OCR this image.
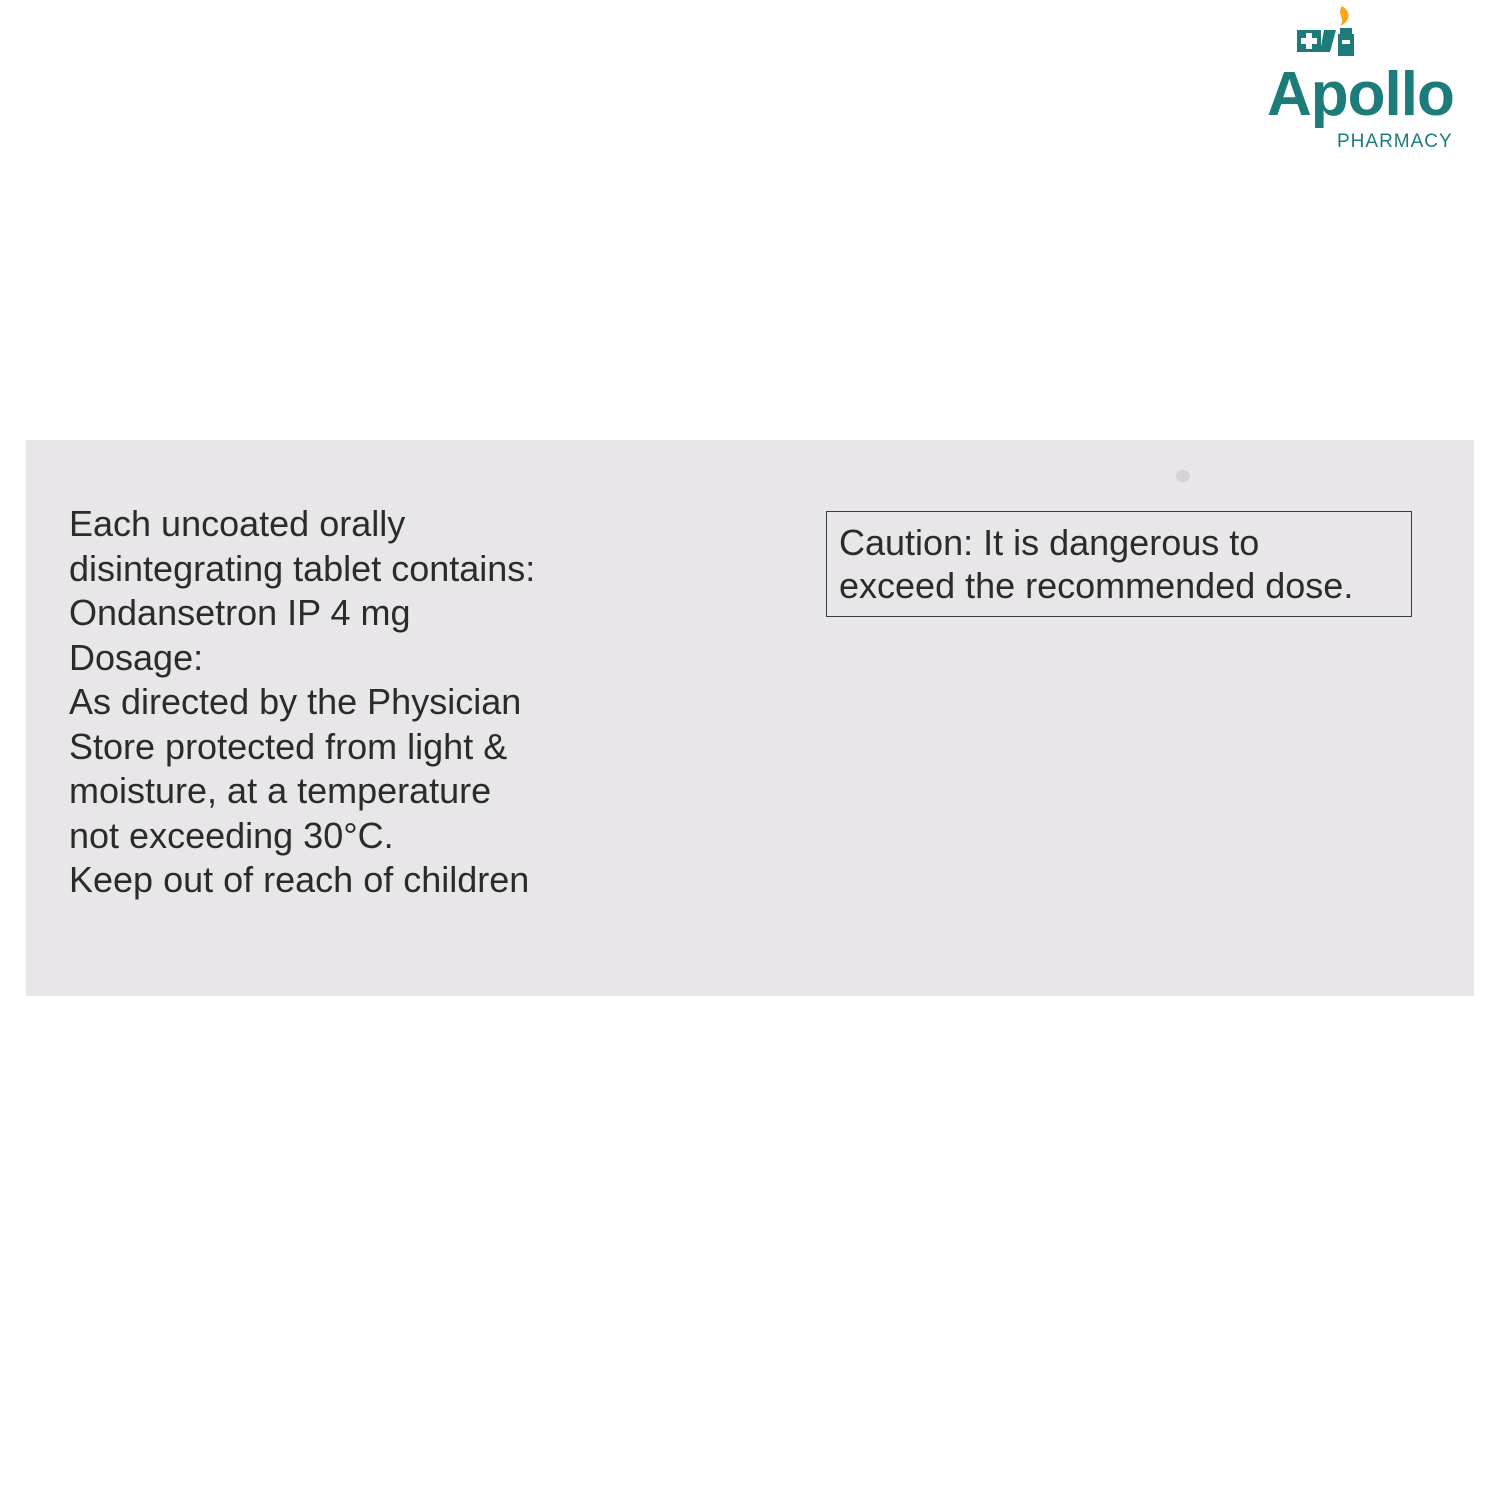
Apollo
PHARMACY
Each uncoated orally
disintegrating tablet contains:
Ondansetron IP 4 mg
Dosage:
As directed by the Physician
Store protected from light &
moisture, at a temperature
not exceeding 30°C.
Keep out of reach of children
Caution: It is dangerous to
exceed the recommended dose.
